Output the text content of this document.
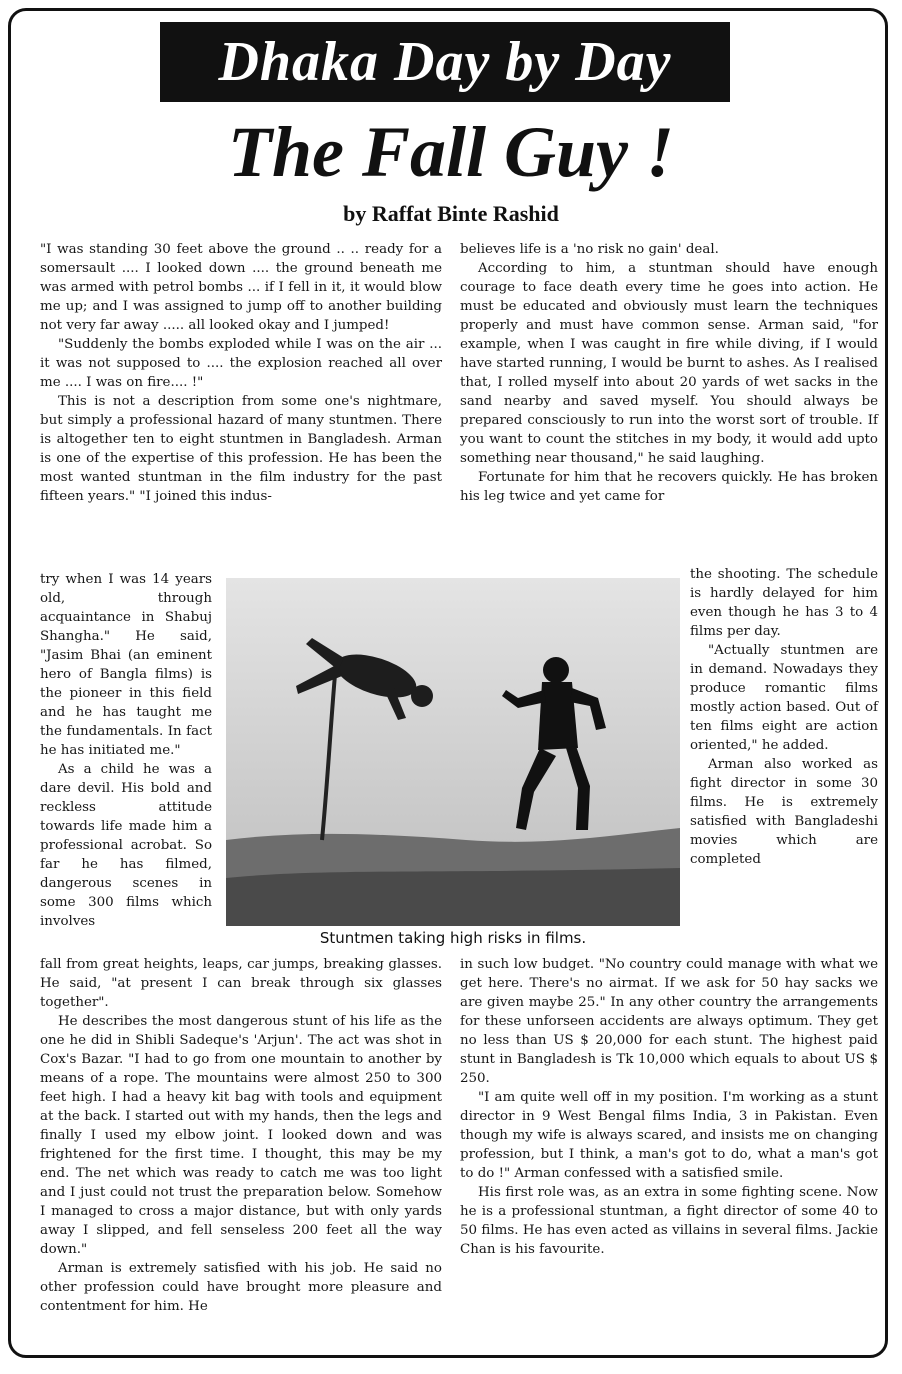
Dhaka Day by Day
The Fall Guy !
by Raffat Binte Rashid

"I was standing 30 feet above the ground .. .. ready for a somersault .... I looked down .... the ground beneath me was armed with petrol bombs ... if I fell in it, it would blow me up; and I was assigned to jump off to another building not very far away ..... all looked okay and I jumped!

"Suddenly the bombs exploded while I was on the air ... it was not supposed to .... the explosion reached all over me .... I was on fire.... !"

This is not a description from some one's nightmare, but simply a professional hazard of many stuntmen. There is altogether ten to eight stuntmen in Bangladesh. Arman is one of the expertise of this profession. He has been the most wanted stuntman in the film industry for the past fifteen years." "I joined this indus-

try when I was 14 years old, through acquaintance in Shabuj Shangha." He said, "Jasim Bhai (an eminent hero of Bangla films) is the pioneer in this field and he has taught me the fundamentals. In fact he has initiated me."

As a child he was a dare devil. His bold and reckless attitude towards life made him a professional acrobat. So far he has filmed, dangerous scenes in some 300 films which involves

fall from great heights, leaps, car jumps, breaking glasses. He said, "at present I can break through six glasses together".

He describes the most dangerous stunt of his life as the one he did in Shibli Sadeque's 'Arjun'. The act was shot in Cox's Bazar. "I had to go from one mountain to another by means of a rope. The mountains were almost 250 to 300 feet high. I had a heavy kit bag with tools and equipment at the back. I started out with my hands, then the legs and finally I used my elbow joint. I looked down and was frightened for the first time. I thought, this may be my end. The net which was ready to catch me was too light and I just could not trust the preparation below. Somehow I managed to cross a major distance, but with only yards away I slipped, and fell senseless 200 feet all the way down."

Arman is extremely satisfied with his job. He said no other profession could have brought more pleasure and contentment for him. He

believes life is a 'no risk no gain' deal.

According to him, a stuntman should have enough courage to face death every time he goes into action. He must be educated and obviously must learn the techniques properly and must have common sense. Arman said, "for example, when I was caught in fire while diving, if I would have started running, I would be burnt to ashes. As I realised that, I rolled myself into about 20 yards of wet sacks in the sand nearby and saved myself. You should always be prepared consciously to run into the worst sort of trouble. If you want to count the stitches in my body, it would add upto something near thousand," he said laughing.

Fortunate for him that he recovers quickly. He has broken his leg twice and yet came for

the shooting. The schedule is hardly delayed for him even though he has 3 to 4 films per day.

"Actually stuntmen are in demand. Nowadays they produce romantic films mostly action based. Out of ten films eight are action oriented," he added.

Arman also worked as fight director in some 30 films. He is extremely satisfied with Bangladeshi movies which are completed

in such low budget. "No country could manage with what we get here. There's no airmat. If we ask for 50 hay sacks we are given maybe 25." In any other country the arrangements for these unforseen accidents are always optimum. They get no less than US $ 20,000 for each stunt. The highest paid stunt in Bangladesh is Tk 10,000 which equals to about US $ 250.

"I am quite well off in my position. I'm working as a stunt director in 9 West Bengal films India, 3 in Pakistan. Even though my wife is always scared, and insists me on changing profession, but I think, a man's got to do, what a man's got to do !" Arman confessed with a satisfied smile.

His first role was, as an extra in some fighting scene. Now he is a professional stuntman, a fight director of some 40 to 50 films. He has even acted as villains in several films. Jackie Chan is his favourite.

Stuntmen taking high risks in films.
